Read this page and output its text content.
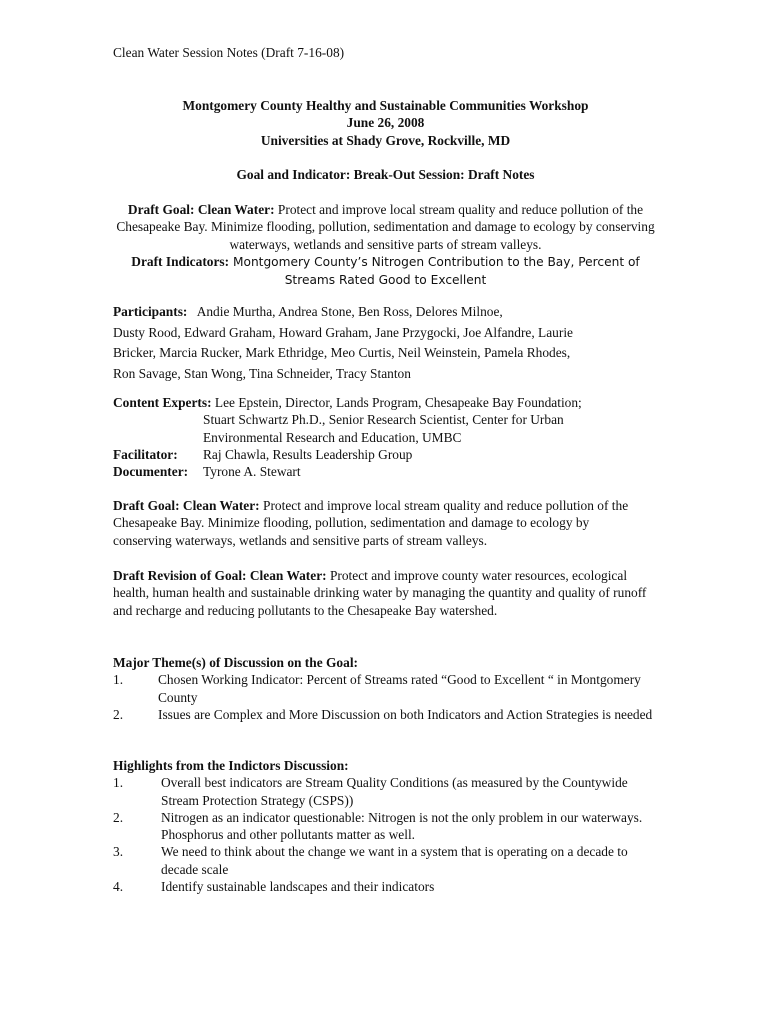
Clean Water Session Notes (Draft 7-16-08)
Montgomery County Healthy and Sustainable Communities Workshop
June 26, 2008
Universities at Shady Grove, Rockville, MD
Goal and Indicator: Break-Out Session: Draft Notes
Draft Goal: Clean Water: Protect and improve local stream quality and reduce pollution of the Chesapeake Bay. Minimize flooding, pollution, sedimentation and damage to ecology by conserving waterways, wetlands and sensitive parts of stream valleys.
Draft Indicators: Montgomery County’s Nitrogen Contribution to the Bay, Percent of Streams Rated Good to Excellent
Participants:   Andie Murtha, Andrea Stone, Ben Ross, Delores Milnoe,
Dusty Rood, Edward Graham, Howard Graham, Jane Przygocki, Joe Alfandre, Laurie
Bricker, Marcia Rucker, Mark Ethridge, Meo Curtis, Neil Weinstein, Pamela Rhodes,
Ron Savage, Stan Wong, Tina Schneider, Tracy Stanton
Content Experts: Lee Epstein, Director, Lands Program, Chesapeake Bay Foundation;
Stuart Schwartz Ph.D., Senior Research Scientist, Center for Urban
Environmental Research and Education, UMBC
Facilitator:	Raj Chawla, Results Leadership Group
Documenter:	Tyrone A. Stewart
Draft Goal: Clean Water: Protect and improve local stream quality and reduce pollution of the Chesapeake Bay. Minimize flooding, pollution, sedimentation and damage to ecology by conserving waterways, wetlands and sensitive parts of stream valleys.
Draft Revision of Goal: Clean Water: Protect and improve county water resources, ecological health, human health and sustainable drinking water by managing the quantity and quality of runoff and recharge and reducing pollutants to the Chesapeake Bay watershed.
Major Theme(s) of Discussion on the Goal:
1.	Chosen Working Indicator: Percent of Streams rated “Good to Excellent “ in Montgomery County
2.	Issues are Complex and More Discussion on both Indicators and Action Strategies is needed
Highlights from the Indictors Discussion:
1.	Overall best indicators are Stream Quality Conditions (as measured by the Countywide Stream Protection Strategy (CSPS))
2.	Nitrogen as an indicator questionable: Nitrogen is not the only problem in our waterways. Phosphorus and other pollutants matter as well.
3.	We need to think about the change we want in a system that is operating on a decade to decade scale
4.	Identify sustainable landscapes and their indicators
